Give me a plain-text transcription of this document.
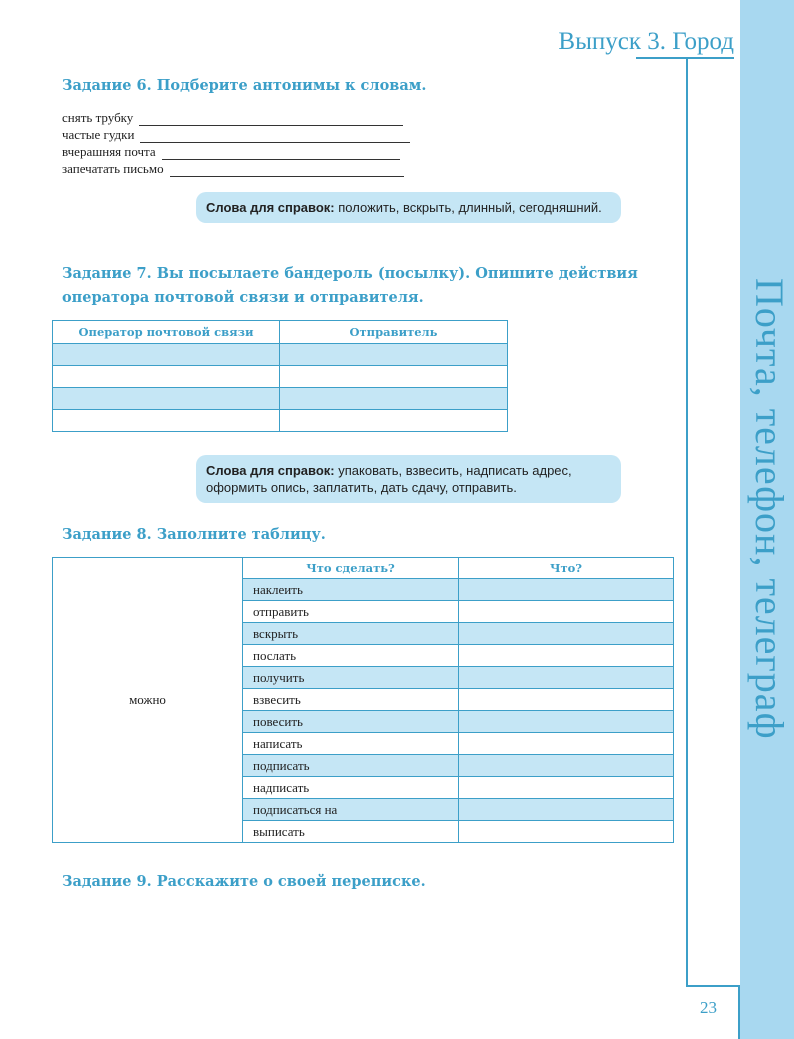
Выпуск 3. Город
Почта, телефон, телеграф
Задание 6. Подберите антонимы к словам.
снять трубку
частые гудки
вчерашняя почта
запечатать письмо
Слова для справок: положить, вскрыть, длинный, сегодняшний.
Задание 7. Вы посылаете бандероль (посылку). Опишите действия
оператора почтовой связи и отправителя.
Оператор почтовой связи	Отправитель

Слова для справок: упаковать, взвесить, надписать адрес, оформить опись, заплатить, дать сдачу, отправить.
Задание 8. Заполните таблицу.
можно	Что сделать?	Что?
	наклеить	
	отправить	
	вскрыть	
	послать	
	получить	
	взвесить	
	повесить	
	написать	
	подписать	
	надписать	
	подписаться на	
	выписать	
Задание 9. Расскажите о своей переписке.
23
